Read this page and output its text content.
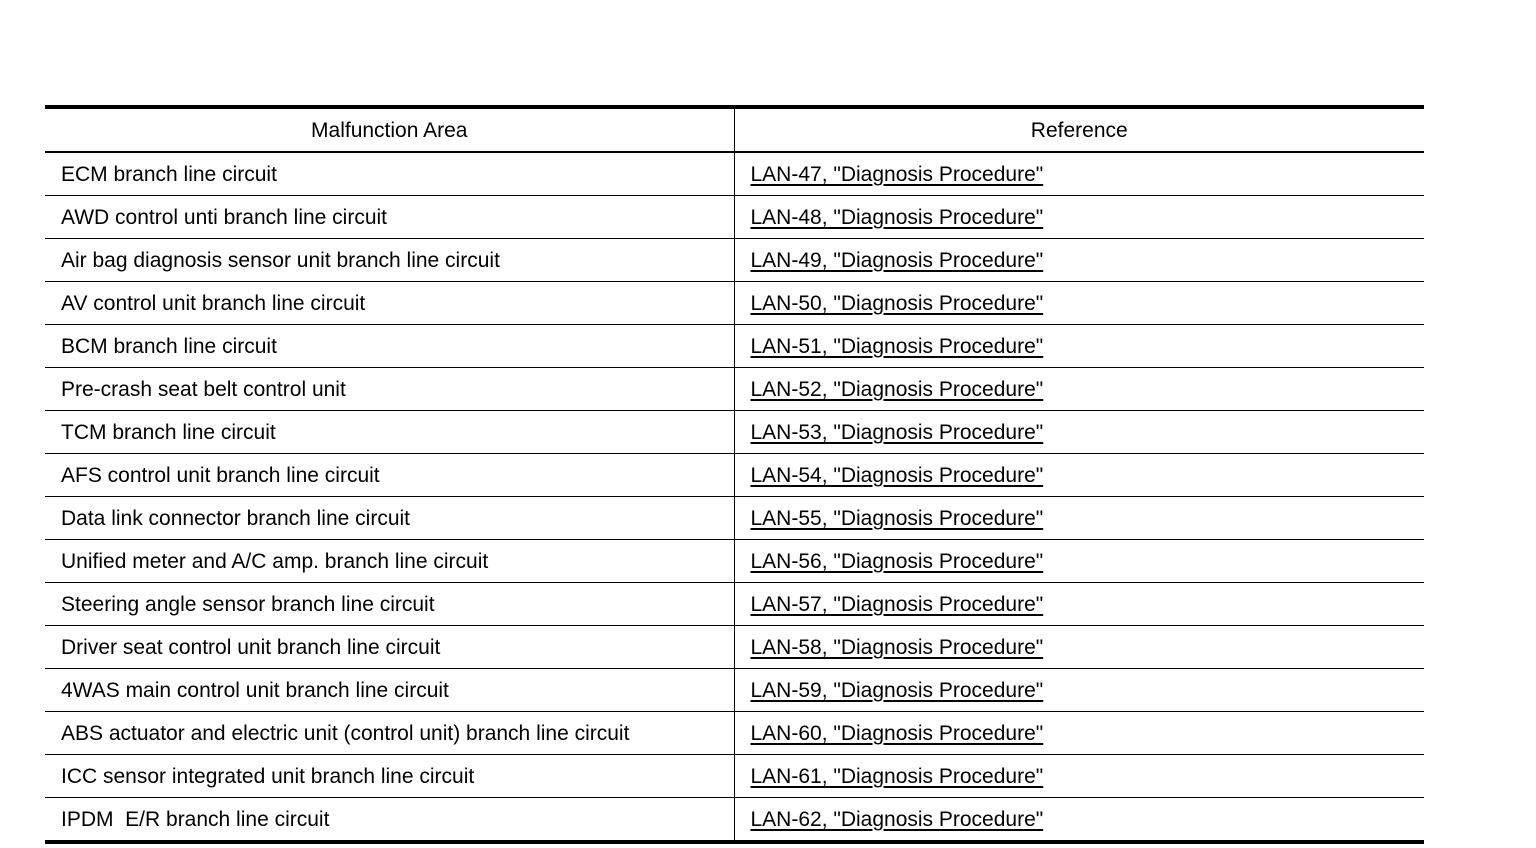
Malfunction Area	Reference
ECM branch line circuit	LAN-47, "Diagnosis Procedure"
AWD control unti branch line circuit	LAN-48, "Diagnosis Procedure"
Air bag diagnosis sensor unit branch line circuit	LAN-49, "Diagnosis Procedure"
AV control unit branch line circuit	LAN-50, "Diagnosis Procedure"
BCM branch line circuit	LAN-51, "Diagnosis Procedure"
Pre-crash seat belt control unit	LAN-52, "Diagnosis Procedure"
TCM branch line circuit	LAN-53, "Diagnosis Procedure"
AFS control unit branch line circuit	LAN-54, "Diagnosis Procedure"
Data link connector branch line circuit	LAN-55, "Diagnosis Procedure"
Unified meter and A/C amp. branch line circuit	LAN-56, "Diagnosis Procedure"
Steering angle sensor branch line circuit	LAN-57, "Diagnosis Procedure"
Driver seat control unit branch line circuit	LAN-58, "Diagnosis Procedure"
4WAS main control unit branch line circuit	LAN-59, "Diagnosis Procedure"
ABS actuator and electric unit (control unit) branch line circuit	LAN-60, "Diagnosis Procedure"
ICC sensor integrated unit branch line circuit	LAN-61, "Diagnosis Procedure"
IPDM  E/R branch line circuit	LAN-62, "Diagnosis Procedure"
